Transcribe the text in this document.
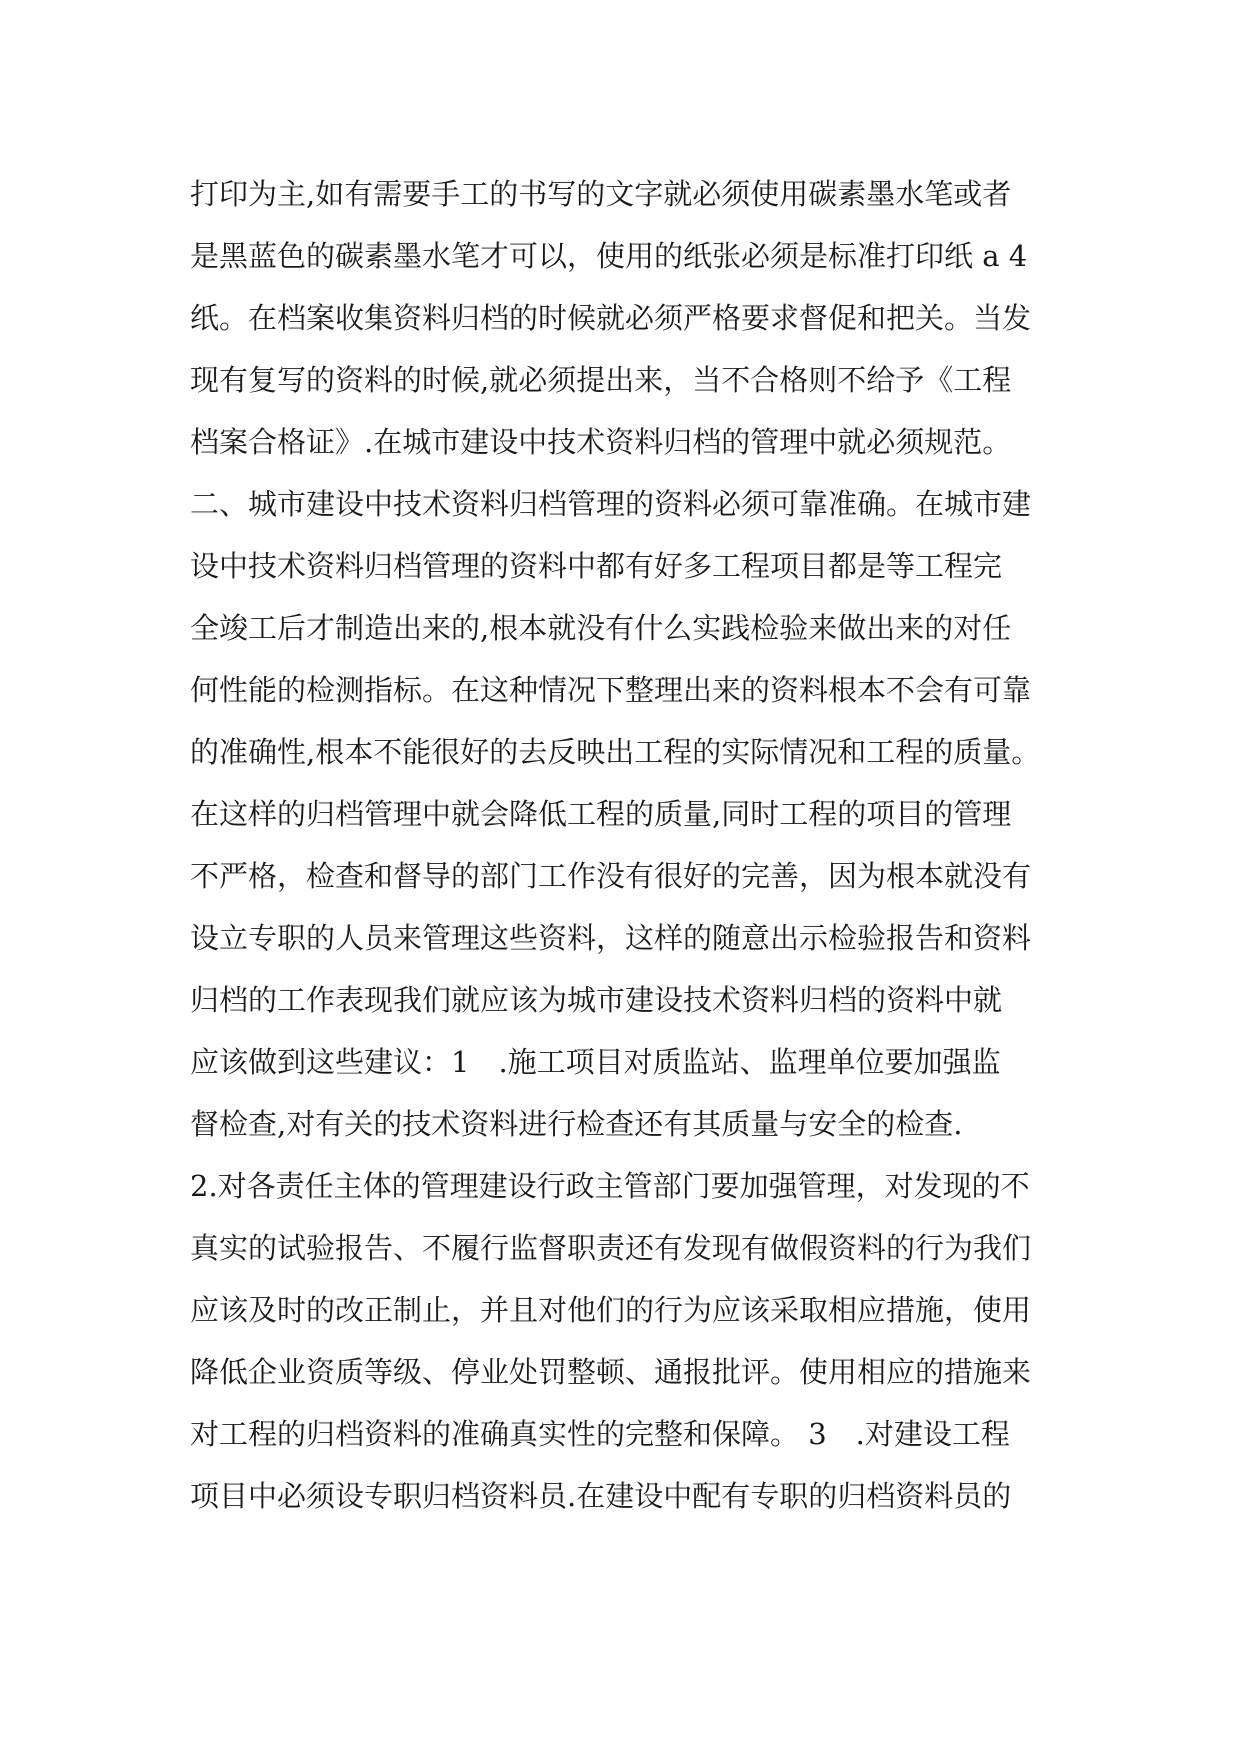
打印为主,如有需要手工的书写的文字就必须使用碳素墨水笔或者
是黑蓝色的碳素墨水笔才可以，使用的纸张必须是标准打印纸 a 4
纸。在档案收集资料归档的时候就必须严格要求督促和把关。当发
现有复写的资料的时候,就必须提出来，当不合格则不给予《工程
档案合格证》.在城市建设中技术资料归档的管理中就必须规范。
二、城市建设中技术资料归档管理的资料必须可靠准确。在城市建
设中技术资料归档管理的资料中都有好多工程项目都是等工程完
全竣工后才制造出来的,根本就没有什么实践检验来做出来的对任
何性能的检测指标。在这种情况下整理出来的资料根本不会有可靠
的准确性,根本不能很好的去反映出工程的实际情况和工程的质量。
在这样的归档管理中就会降低工程的质量,同时工程的项目的管理
不严格，检查和督导的部门工作没有很好的完善，因为根本就没有
设立专职的人员来管理这些资料，这样的随意出示检验报告和资料
归档的工作表现我们就应该为城市建设技术资料归档的资料中就
应该做到这些建议：1　.施工项目对质监站、监理单位要加强监
督检查,对有关的技术资料进行检查还有其质量与安全的检查.
2.对各责任主体的管理建设行政主管部门要加强管理，对发现的不
真实的试验报告、不履行监督职责还有发现有做假资料的行为我们
应该及时的改正制止，并且对他们的行为应该采取相应措施，使用
降低企业资质等级、停业处罚整顿、通报批评。使用相应的措施来
对工程的归档资料的准确真实性的完整和保障。 3　.对建设工程
项目中必须设专职归档资料员.在建设中配有专职的归档资料员的
